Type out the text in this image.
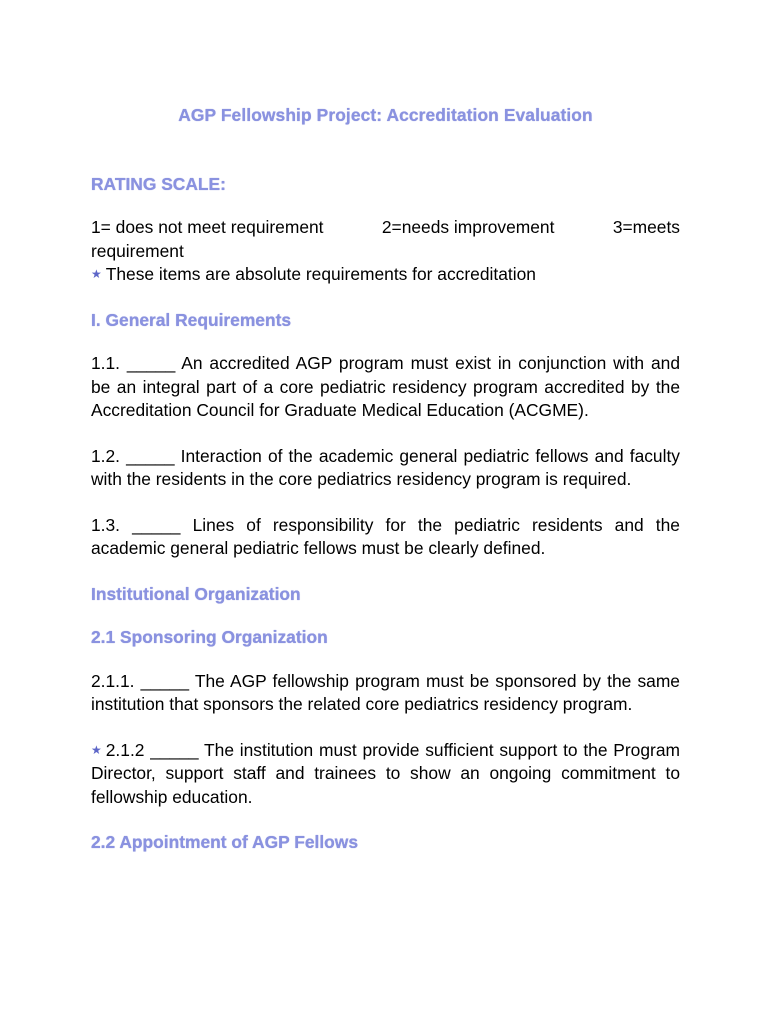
AGP Fellowship Project: Accreditation Evaluation
RATING SCALE:
1= does not meet requirement	2=needs improvement	3=meets
requirement
★ These items are absolute requirements for accreditation
I. General Requirements
1.1. _____ An accredited AGP program must exist in conjunction with and be an integral part of a core pediatric residency program accredited by the Accreditation Council for Graduate Medical Education (ACGME).
1.2. _____ Interaction of the academic general pediatric fellows and faculty with the residents in the core pediatrics residency program is required.
1.3. _____ Lines of responsibility for the pediatric residents and the academic general pediatric fellows must be clearly defined.
Institutional Organization
2.1 Sponsoring Organization
2.1.1. _____ The AGP fellowship program must be sponsored by the same institution that sponsors the related core pediatrics residency program.
★ 2.1.2 _____ The institution must provide sufficient support to the Program Director, support staff and trainees to show an ongoing commitment to fellowship education.
2.2 Appointment of AGP Fellows
